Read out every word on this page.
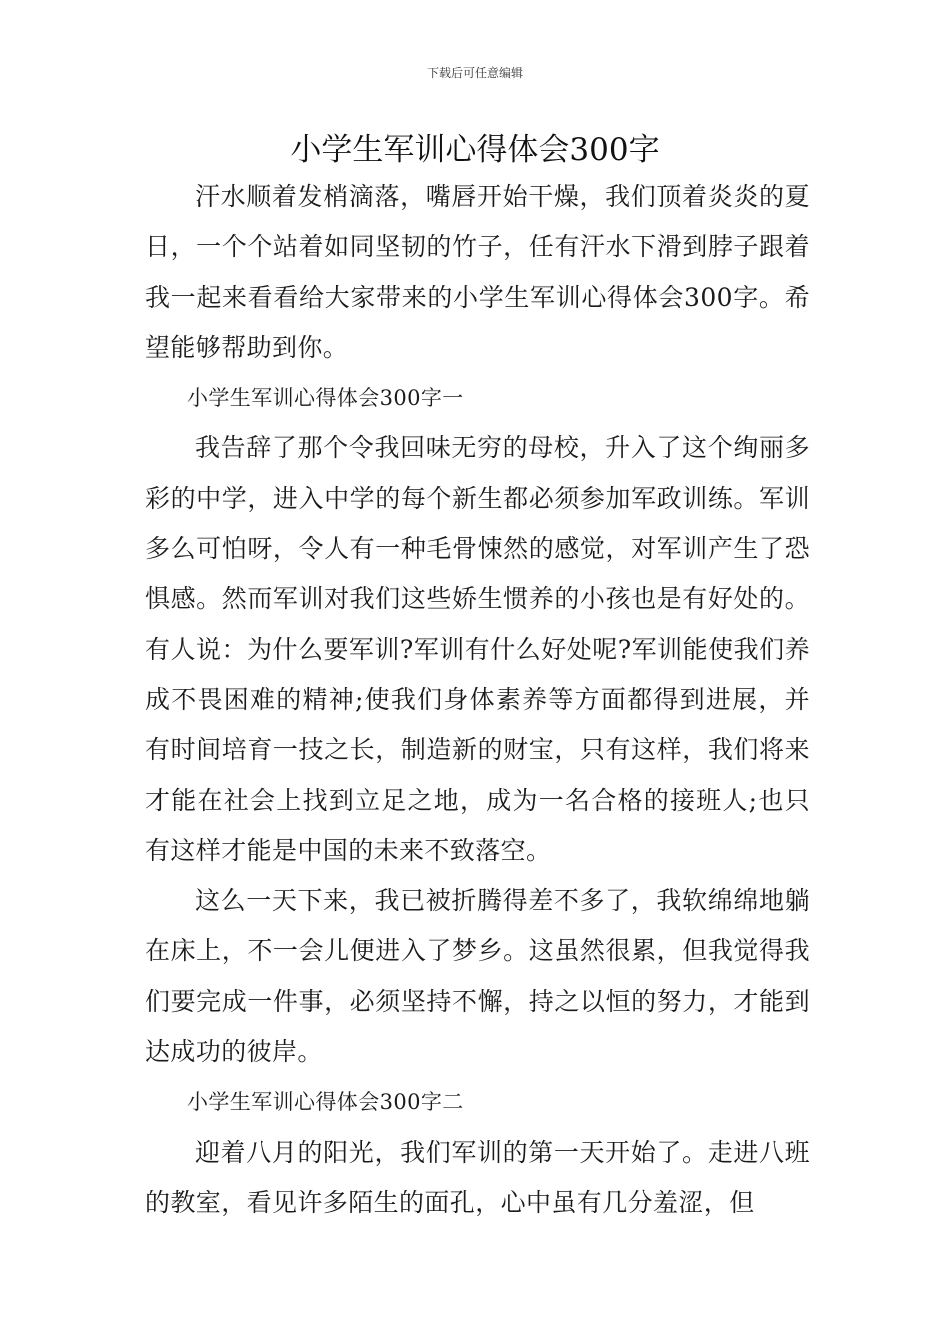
下载后可任意编辑
小学生军训心得体会300字

汗水顺着发梢滴落，嘴唇开始干燥，我们顶着炎炎的夏日，一个个站着如同坚韧的竹子，任有汗水下滑到脖子跟着我一起来看看给大家带来的小学生军训心得体会300字。希望能够帮助到你。

小学生军训心得体会300字一

我告辞了那个令我回味无穷的母校，升入了这个绚丽多彩的中学，进入中学的每个新生都必须参加军政训练。军训多么可怕呀，令人有一种毛骨悚然的感觉，对军训产生了恐惧感。然而军训对我们这些娇生惯养的小孩也是有好处的。有人说：为什么要军训?军训有什么好处呢?军训能使我们养成不畏困难的精神;使我们身体素养等方面都得到进展，并有时间培育一技之长，制造新的财宝，只有这样，我们将来才能在社会上找到立足之地，成为一名合格的接班人;也只有这样才能是中国的未来不致落空。

这么一天下来，我已被折腾得差不多了，我软绵绵地躺在床上，不一会儿便进入了梦乡。这虽然很累，但我觉得我们要完成一件事，必须坚持不懈，持之以恒的努力，才能到达成功的彼岸。

小学生军训心得体会300字二

迎着八月的阳光，我们军训的第一天开始了。走进八班的教室，看见许多陌生的面孔，心中虽有几分羞涩，但
